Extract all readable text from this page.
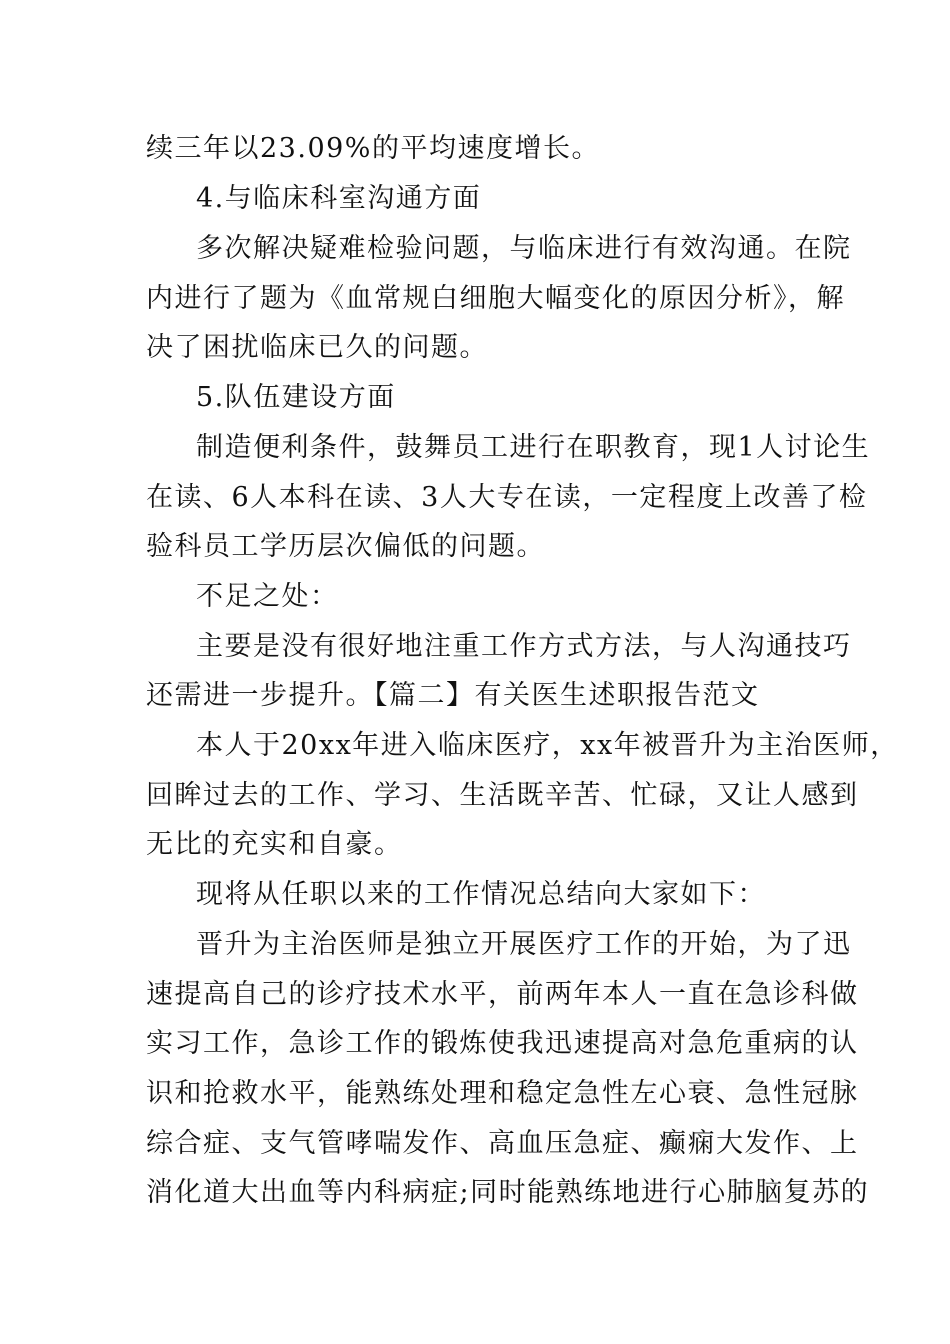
续三年以23.09%的平均速度增长。
4.与临床科室沟通方面
多次解决疑难检验问题，与临床进行有效沟通。在院
内进行了题为《血常规白细胞大幅变化的原因分析》，解
决了困扰临床已久的问题。
5.队伍建设方面
制造便利条件，鼓舞员工进行在职教育，现1人讨论生
在读、6人本科在读、3人大专在读，一定程度上改善了检
验科员工学历层次偏低的问题。
不足之处：
主要是没有很好地注重工作方式方法，与人沟通技巧
还需进一步提升。【篇二】有关医生述职报告范文
本人于20xx年进入临床医疗，xx年被晋升为主治医师，
回眸过去的工作、学习、生活既辛苦、忙碌，又让人感到
无比的充实和自豪。
现将从任职以来的工作情况总结向大家如下：
晋升为主治医师是独立开展医疗工作的开始，为了迅
速提高自己的诊疗技术水平，前两年本人一直在急诊科做
实习工作，急诊工作的锻炼使我迅速提高对急危重病的认
识和抢救水平，能熟练处理和稳定急性左心衰、急性冠脉
综合症、支气管哮喘发作、高血压急症、癫痫大发作、上
消化道大出血等内科病症;同时能熟练地进行心肺脑复苏的
